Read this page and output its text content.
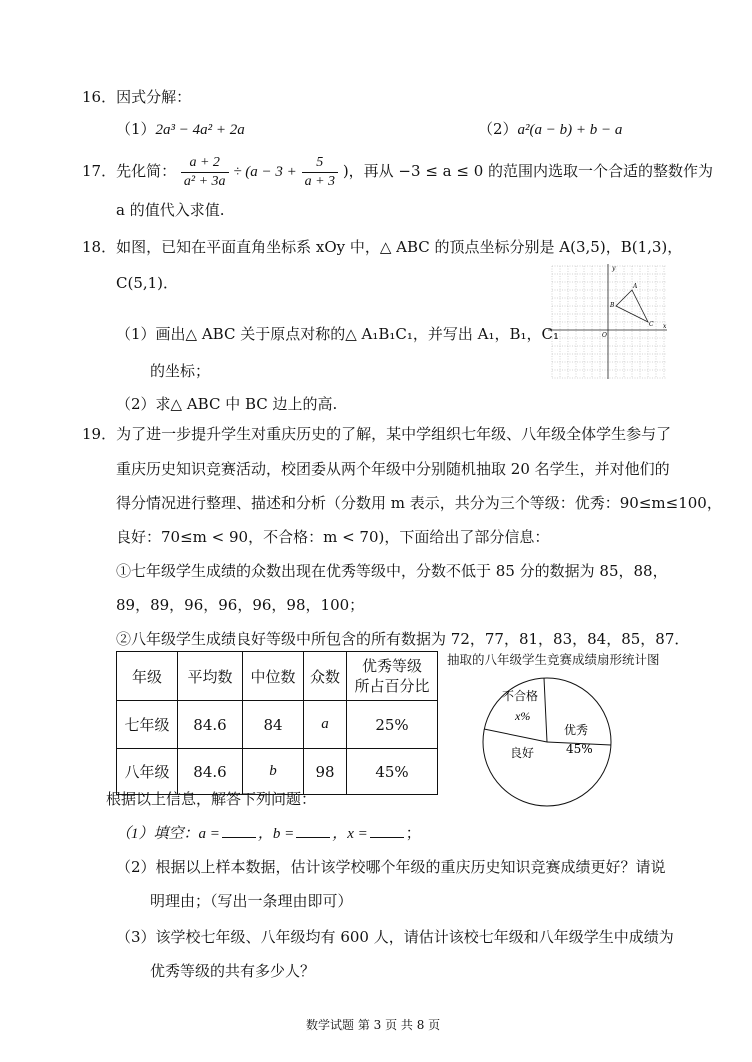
16．因式分解：
（1）2a³ − 4a² + 2a	（2）a²(a − b) + b − a
17．先化简： $\frac{a + 2}{\text{a² + 3a}} \div (a - 3 + \frac{5}{a + 3}$ )，再从 −3 ≤ a ≤ 0 的范围内选取一个合适的整数作为
a 的值代入求值.
18．如图，已知在平面直角坐标系 xOy 中，△ ABC 的顶点坐标分别是 A(3,5)，B(1,3)，
C(5,1)．
（1）画出△ ABC 关于原点对称的△ A₁B₁C₁，并写出 A₁，B₁，C₁
的坐标；
（2）求△ ABC 中 BC 边上的高.
y
x
O
A
B
C
19．为了进一步提升学生对重庆历史的了解，某中学组织七年级、八年级全体学生参与了
重庆历史知识竞赛活动，校团委从两个年级中分别随机抽取 20 名学生，并对他们的
得分情况进行整理、描述和分析（分数用 m 表示，共分为三个等级：优秀：90≤m≤100，
良好：70≤m < 90，不合格：m < 70)，下面给出了部分信息：
①七年级学生成绩的众数出现在优秀等级中，分数不低于 85 分的数据为 85，88，
89，89，96，96，96，98，100；
②八年级学生成绩良好等级中所包含的所有数据为 72，77，81，83，84，85，87．
年级	平均数	中位数	众数	优秀等级
所占百分比
七年级	84.6	84	a	25%
八年级	84.6	b	98	45%
抽取的八年级学生竞赛成绩扇形统计图
不合格
x%
优秀
45%
良好
根据以上信息，解答下列问题：
（1）填空：a =	，b =	，x =	；
（2）根据以上样本数据，估计该学校哪个年级的重庆历史知识竞赛成绩更好？请说
明理由；（写出一条理由即可）
（3）该学校七年级、八年级均有 600 人，请估计该校七年级和八年级学生中成绩为
优秀等级的共有多少人？
数学试题 第 3 页 共 8 页
